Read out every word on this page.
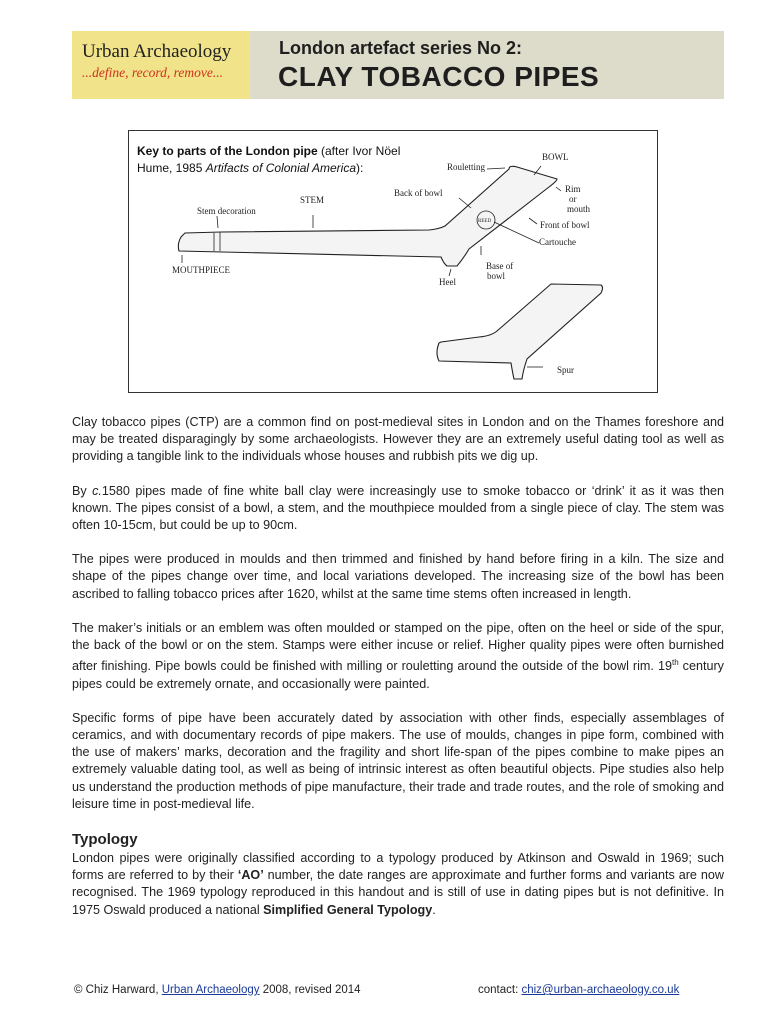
Urban Archaeology
...define, record, remove...
London artefact series No 2:
CLAY TOBACCO PIPES
Key to parts of the London pipe (after Ivor Nöel Hume, 1985 Artifacts of Colonial America):	Rouletting
BOWL
Rim
or
mouth
Back of bowl
STEM
Stem decoration
Front of bowl
Cartouche
MOUTHPIECE	Base of
bowl
Heel
Spur
REED

Clay tobacco pipes (CTP) are a common find on post-medieval sites in London and on the Thames foreshore and may be treated disparagingly by some archaeologists. However they are an extremely useful dating tool as well as providing a tangible link to the individuals whose houses and rubbish pits we dig up.

By c.1580 pipes made of fine white ball clay were increasingly use to smoke tobacco or ‘drink’ it as it was then known. The pipes consist of a bowl, a stem, and the mouthpiece moulded from a single piece of clay. The stem was often 10-15cm, but could be up to 90cm.

The pipes were produced in moulds and then trimmed and finished by hand before firing in a kiln. The size and shape of the pipes change over time, and local variations developed. The increasing size of the bowl has been ascribed to falling tobacco prices after 1620, whilst at the same time stems often increased in length.

The maker’s initials or an emblem was often moulded or stamped on the pipe, often on the heel or side of the spur, the back of the bowl or on the stem. Stamps were either incuse or relief. Higher quality pipes were often burnished after finishing. Pipe bowls could be finished with milling or rouletting around the outside of the bowl rim. 19th century pipes could be extremely ornate, and occasionally were painted.

Specific forms of pipe have been accurately dated by association with other finds, especially assemblages of ceramics, and with documentary records of pipe makers. The use of moulds, changes in pipe form, combined with the use of makers’ marks, decoration and the fragility and short life-span of the pipes combine to make pipes an extremely valuable dating tool, as well as being of intrinsic interest as often beautiful objects. Pipe studies also help us understand the production methods of pipe manufacture, their trade and trade routes, and the role of smoking and leisure time in post-medieval life.

Typology

London pipes were originally classified according to a typology produced by Atkinson and Oswald in 1969; such forms are referred to by their ‘AO’ number, the date ranges are approximate and further forms and variants are now recognised. The 1969 typology reproduced in this handout and is still of use in dating pipes but is not definitive. In 1975 Oswald produced a national Simplified General Typology.

© Chiz Harward, Urban Archaeology 2008, revised 2014	contact: chiz@urban-archaeology.co.uk
